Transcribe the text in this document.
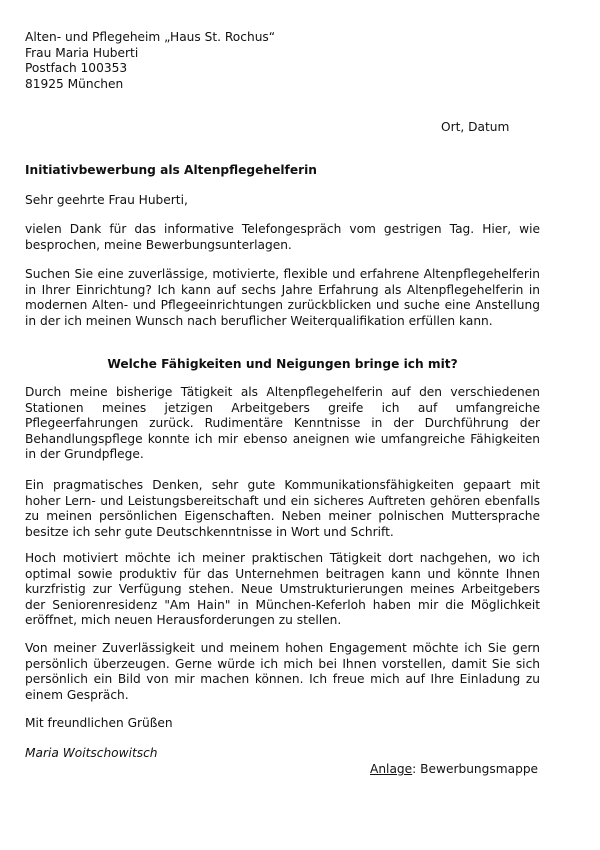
Alten- und Pflegeheim „Haus St. Rochus“
Frau Maria Huberti
Postfach 100353
81925 München
Ort, Datum
Initiativbewerbung als Altenpflegehelferin
Sehr geehrte Frau Huberti,
vielen Dank für das informative Telefongespräch vom gestrigen Tag. Hier, wie besprochen, meine Bewerbungsunterlagen.
Suchen Sie eine zuverlässige, motivierte, flexible und erfahrene Altenpflegehelferin in Ihrer Einrichtung? Ich kann auf sechs Jahre Erfahrung als Altenpflegehelferin in modernen Alten- und Pflegeeinrichtungen zurückblicken und suche eine Anstellung in der ich meinen Wunsch nach beruflicher Weiterqualifikation erfüllen kann.
Welche Fähigkeiten und Neigungen bringe ich mit?
Durch meine bisherige Tätigkeit als Altenpflegehelferin auf den verschiedenen Stationen meines jetzigen Arbeitgebers greife ich auf umfangreiche Pflegeerfahrungen zurück. Rudimentäre Kenntnisse in der Durchführung der Behandlungspflege konnte ich mir ebenso aneignen wie umfangreiche Fähigkeiten in der Grundpflege.
Ein pragmatisches Denken, sehr gute Kommunikationsfähigkeiten gepaart mit hoher Lern- und Leistungsbereitschaft und ein sicheres Auftreten gehören ebenfalls zu meinen persönlichen Eigenschaften. Neben meiner polnischen Muttersprache besitze ich sehr gute Deutschkenntnisse in Wort und Schrift.
Hoch motiviert möchte ich meiner praktischen Tätigkeit dort nachgehen, wo ich optimal sowie produktiv für das Unternehmen beitragen kann und könnte Ihnen kurzfristig zur Verfügung stehen. Neue Umstrukturierungen meines Arbeitgebers der Seniorenresidenz "Am Hain" in München-Keferloh haben mir die Möglichkeit eröffnet, mich neuen Herausforderungen zu stellen.
Von meiner Zuverlässigkeit und meinem hohen Engagement möchte ich Sie gern persönlich überzeugen. Gerne würde ich mich bei Ihnen vorstellen, damit Sie sich persönlich ein Bild von mir machen können. Ich freue mich auf Ihre Einladung zu einem Gespräch.
Mit freundlichen Grüßen
Maria Woitschowitsch
Anlage: Bewerbungsmappe
